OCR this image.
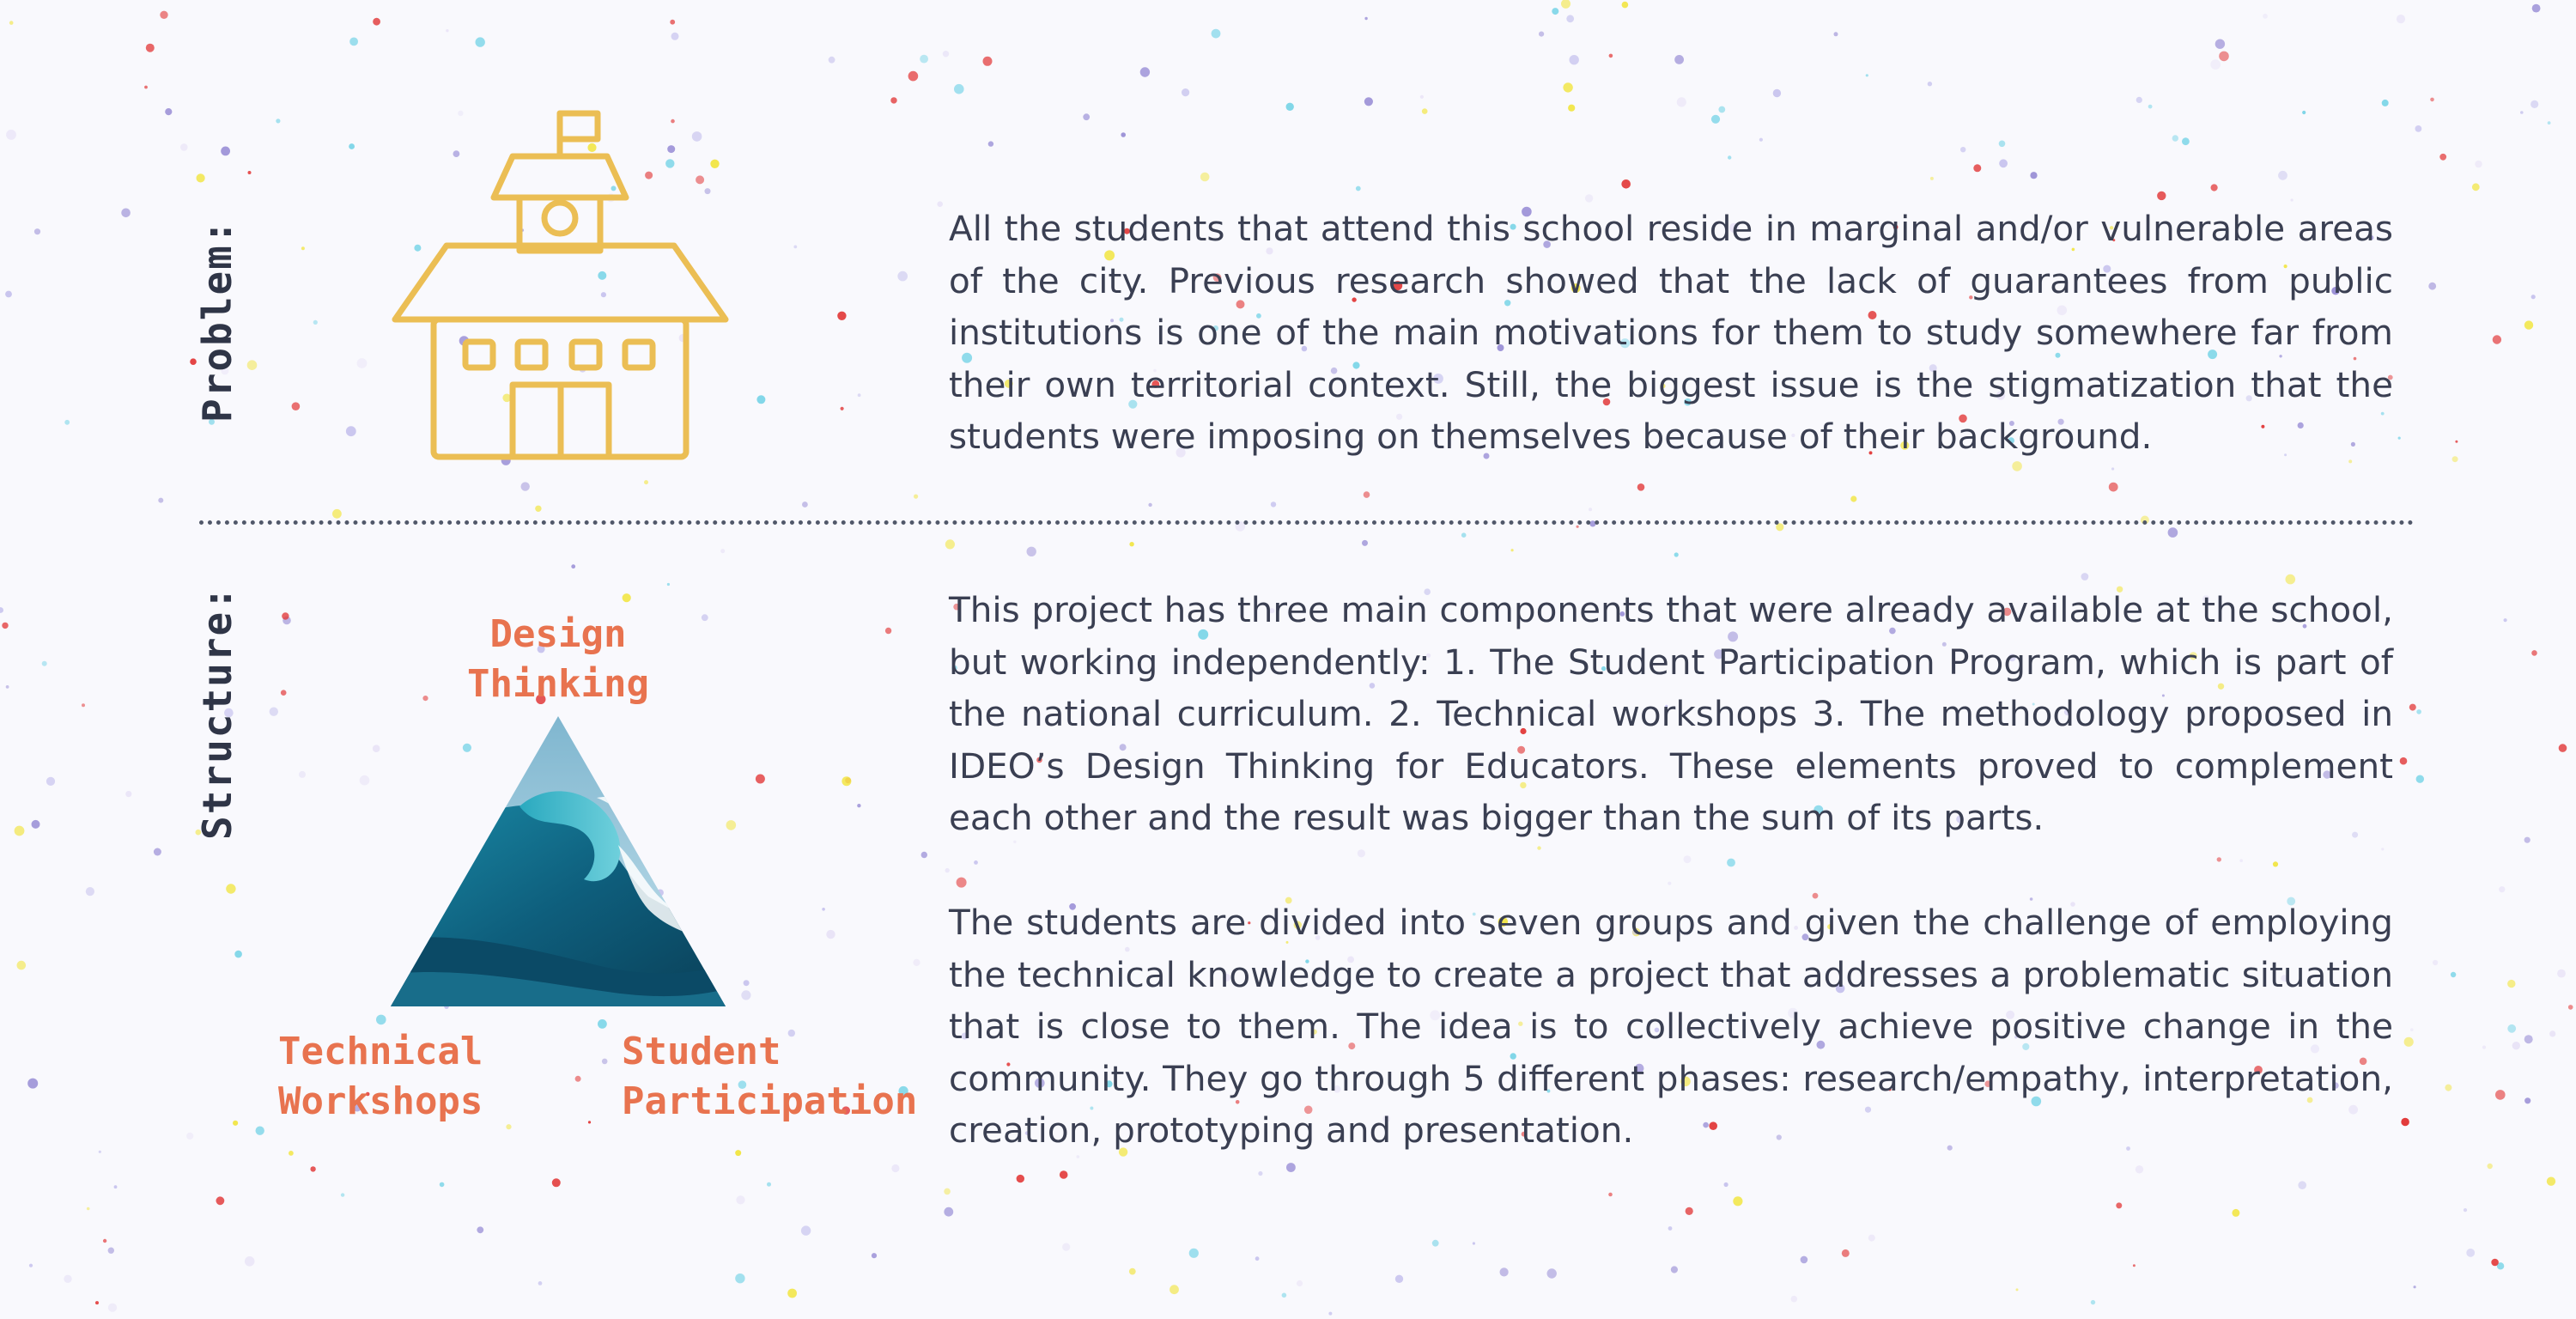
Problem:	All the students that attend this school reside in marginal and/or vulnerable areas of the city. Previous research showed that the lack of guarantees from public institutions is one of the main motivations for them to study somewhere far from their own territorial context. Still, the biggest issue is the stigmatization that the students were imposing on themselves because of their background.

Structure:	Design
Thinking
Technical
Workshops
Student
Participation

This project has three main components that were already available at the school, but working independently: 1. The Student Participation Program, which is part of the national curriculum. 2. Technical workshops 3. The methodology proposed in IDEO’s Design Thinking for Educators. These elements proved to complement each other and the result was bigger than the sum of its parts.

The students are divided into seven groups and given the challenge of employing the technical knowledge to create a project that addresses a problematic situation that is close to them. The idea is to collectively achieve positive change in the community. They go through 5 different phases: research/empathy, interpretation, creation, prototyping and presentation.
